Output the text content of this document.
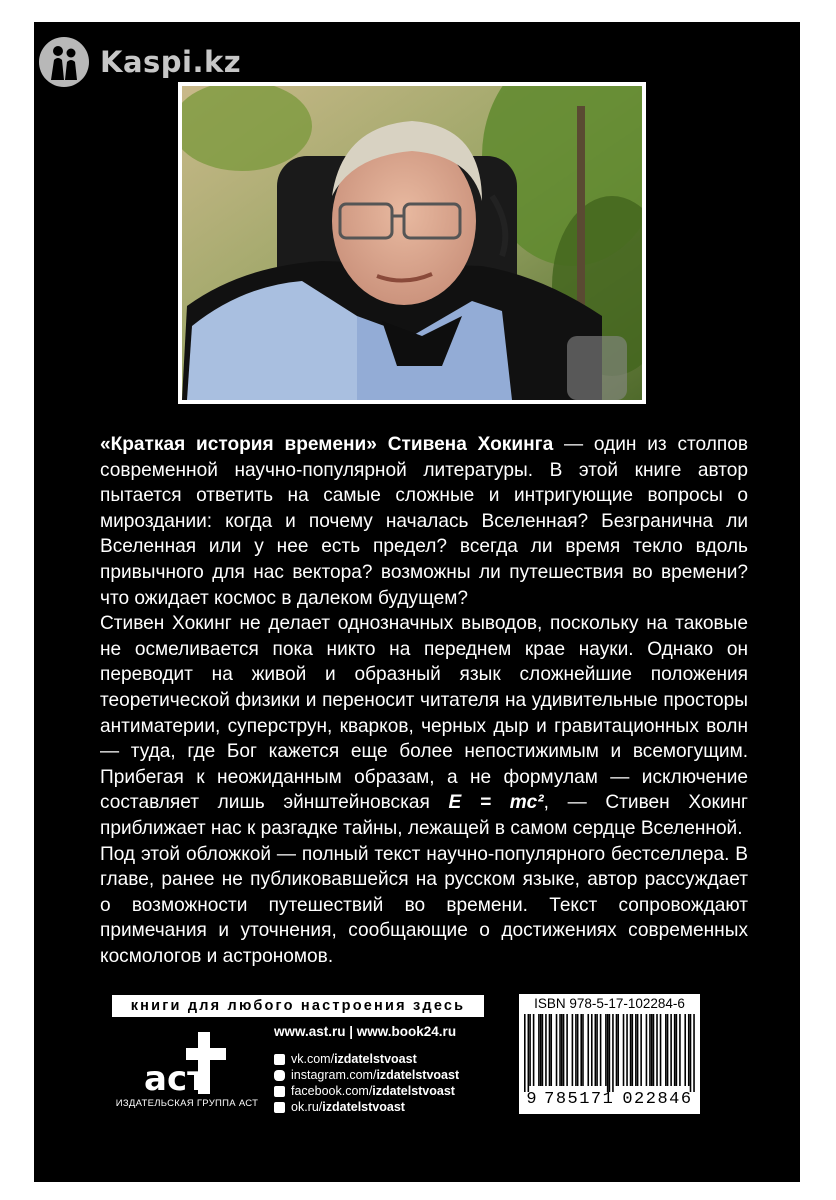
Kaspi.kz

«Краткая история времени» Стивена Хокинга — один из столпов современной научно-популярной литературы. В этой книге автор пытается ответить на самые сложные и интригующие вопросы о мироздании: когда и почему началась Вселенная? Безгранична ли Вселенная или у нее есть предел? всегда ли время текло вдоль привычного для нас вектора? возможны ли путешествия во времени? что ожидает космос в далеком будущем?

Стивен Хокинг не делает однозначных выводов, поскольку на таковые не осмеливается пока никто на переднем крае науки. Однако он переводит на живой и образный язык сложнейшие положения теоретической физики и переносит читателя на удивительные просторы антиматерии, суперструн, кварков, черных дыр и гравитационных волн — туда, где Бог кажется еще более непостижимым и всемогущим. Прибегая к неожиданным образам, а не формулам — исключение составляет лишь эйнштейновская E = mc², — Стивен Хокинг приближает нас к разгадке тайны, лежащей в самом сердце Вселенной.

Под этой обложкой — полный текст научно-популярного бестселлера. В главе, ранее не публиковавшейся на русском языке, автор рассуждает о возможности путешествий во времени. Текст сопровождают примечания и уточнения, сообщающие о достижениях современных космологов и астрономов.

книги для любого настроения здесь
аст
ИЗДАТЕЛЬСКАЯ ГРУППА АСТ
www.ast.ru | www.book24.ru
vk.com/ izdatelstvoast
instagram.com/ izdatelstvoast
facebook.com/ izdatelstvoast
ok.ru/ izdatelstvoast
ISBN 978-5-17-102284-6
9 785171 022846
